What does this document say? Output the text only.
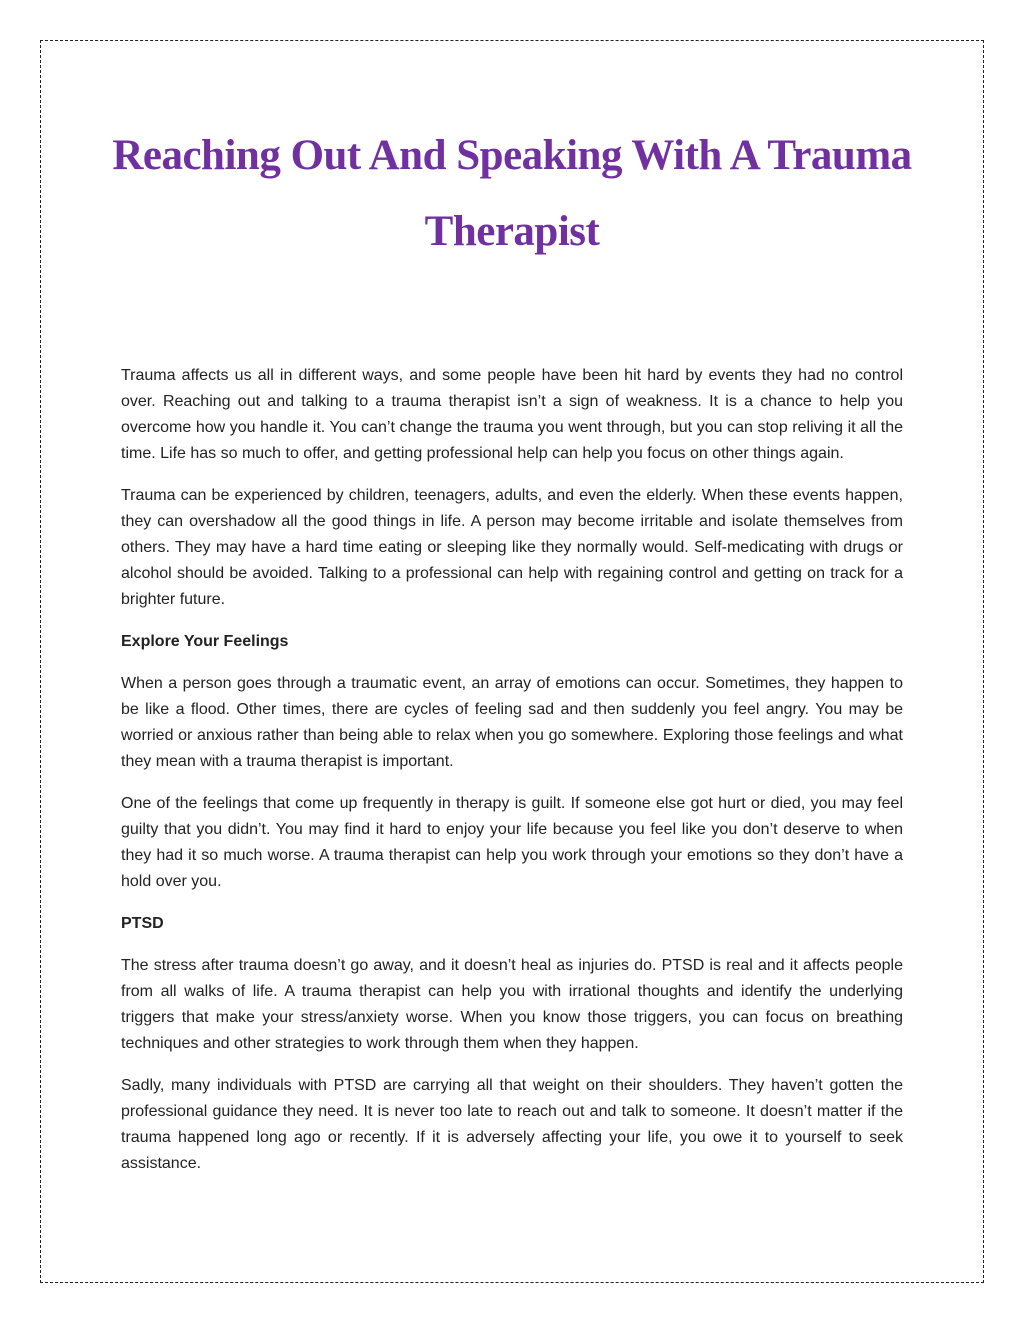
Reaching Out And Speaking With A Trauma Therapist

Trauma affects us all in different ways, and some people have been hit hard by events they had no control over. Reaching out and talking to a trauma therapist isn’t a sign of weakness. It is a chance to help you overcome how you handle it. You can’t change the trauma you went through, but you can stop reliving it all the time. Life has so much to offer, and getting professional help can help you focus on other things again.

Trauma can be experienced by children, teenagers, adults, and even the elderly. When these events happen, they can overshadow all the good things in life. A person may become irritable and isolate themselves from others. They may have a hard time eating or sleeping like they normally would. Self-medicating with drugs or alcohol should be avoided. Talking to a professional can help with regaining control and getting on track for a brighter future.

Explore Your Feelings

When a person goes through a traumatic event, an array of emotions can occur. Sometimes, they happen to be like a flood. Other times, there are cycles of feeling sad and then suddenly you feel angry. You may be worried or anxious rather than being able to relax when you go somewhere. Exploring those feelings and what they mean with a trauma therapist is important.

One of the feelings that come up frequently in therapy is guilt. If someone else got hurt or died, you may feel guilty that you didn’t. You may find it hard to enjoy your life because you feel like you don’t deserve to when they had it so much worse. A trauma therapist can help you work through your emotions so they don’t have a hold over you.

PTSD

The stress after trauma doesn’t go away, and it doesn’t heal as injuries do. PTSD is real and it affects people from all walks of life. A trauma therapist can help you with irrational thoughts and identify the underlying triggers that make your stress/anxiety worse. When you know those triggers, you can focus on breathing techniques and other strategies to work through them when they happen.

Sadly, many individuals with PTSD are carrying all that weight on their shoulders. They haven’t gotten the professional guidance they need. It is never too late to reach out and talk to someone. It doesn’t matter if the trauma happened long ago or recently. If it is adversely affecting your life, you owe it to yourself to seek assistance.
